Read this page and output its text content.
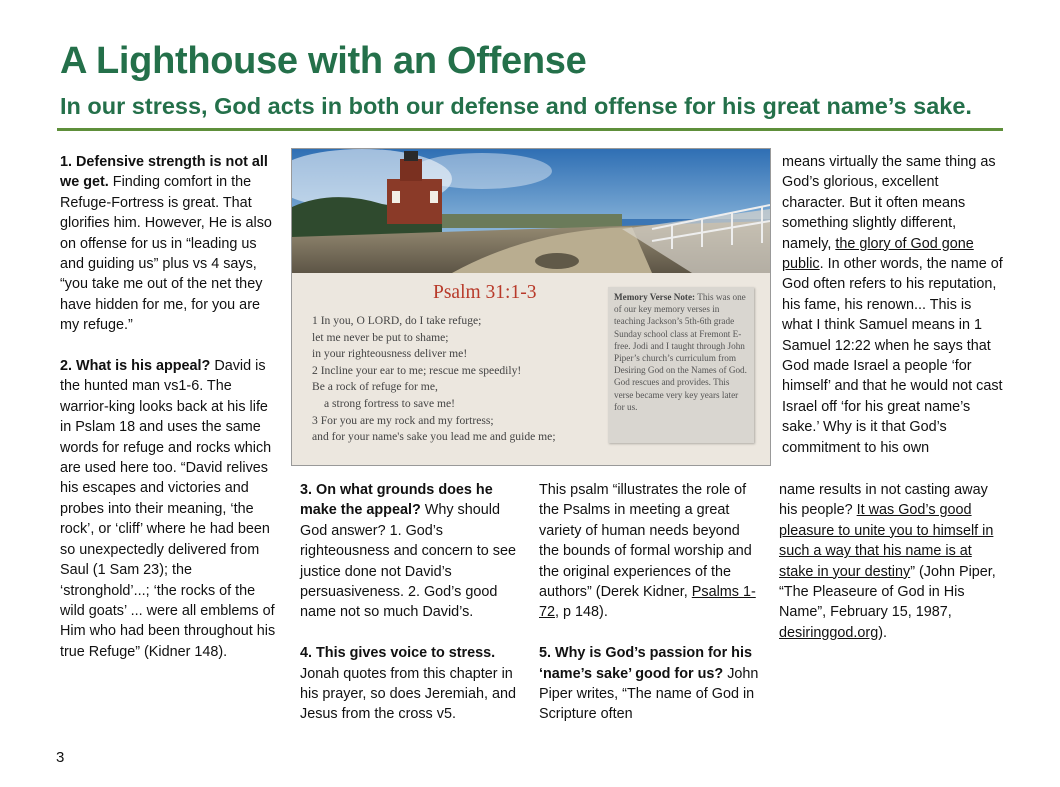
A Lighthouse with an Offense
In our stress, God acts in both our defense and offense for his great name’s sake.

1. Defensive strength is not all we get. Finding comfort in the Refuge-Fortress is great. That glorifies him. However, He is also on offense for us in “leading us and guiding us” plus vs 4 says, “you take me out of the net they have hidden for me, for you are my refuge.”

2. What is his appeal? David is the hunted man vs1-6. The warrior-king looks back at his life in Pslam 18 and uses the same words for refuge and rocks which are used here too. “David relives his escapes and victories and probes into their meaning, ‘the rock’, or ‘cliff’ where he had been so unexpectedly delivered from Saul (1 Sam 23); the ‘stronghold’...; ‘the rocks of the wild goats’ ... were all emblems of Him who had been throughout his true Refuge” (Kidner 148).

Psalm 31:1-3
1 In you, O LORD, do I take refuge;
let me never be put to shame;
in your righteousness deliver me!
2 Incline your ear to me; rescue me speedily!
Be a rock of refuge for me,
a strong fortress to save me!
3 For you are my rock and my fortress;
and for your name's sake you lead me and guide me;
Memory Verse Note: This was one of our key memory verses in teaching Jackson’s 5th-6th grade Sunday school class at Fremont E-free. Jodi and I taught through John Piper’s church’s curriculum from Desiring God on the Names of God. God rescues and provides. This verse became very key years later for us.

3. On what grounds does he make the appeal? Why should God answer? 1. God’s righteousness and concern to see justice done not David’s persuasiveness. 2. God’s good name not so much David’s.

4. This gives voice to stress. Jonah quotes from this chapter in his prayer, so does Jeremiah, and Jesus from the cross v5.

This psalm “illustrates the role of the Psalms in meeting a great variety of human needs beyond the bounds of formal worship and the original experiences of the authors” (Derek Kidner, Psalms 1-72, p 148).

5. Why is God’s passion for his ‘name’s sake’ good for us? John Piper writes, “The name of God in Scripture often

means virtually the same thing as God’s glorious, excellent character. But it often means something slightly different, namely, the glory of God gone public. In other words, the name of God often refers to his reputation, his fame, his renown... This is what I think Samuel means in 1 Samuel 12:22 when he says that God made Israel a people ‘for himself’ and that he would not cast Israel off ‘for his great name’s sake.’ Why is it that God’s commitment to his own

name results in not casting away his people? It was God’s good pleasure to unite you to himself in such a way that his name is at stake in your destiny” (John Piper, “The Pleaseure of God in His Name”, February 15, 1987, desiringgod.org).

3
